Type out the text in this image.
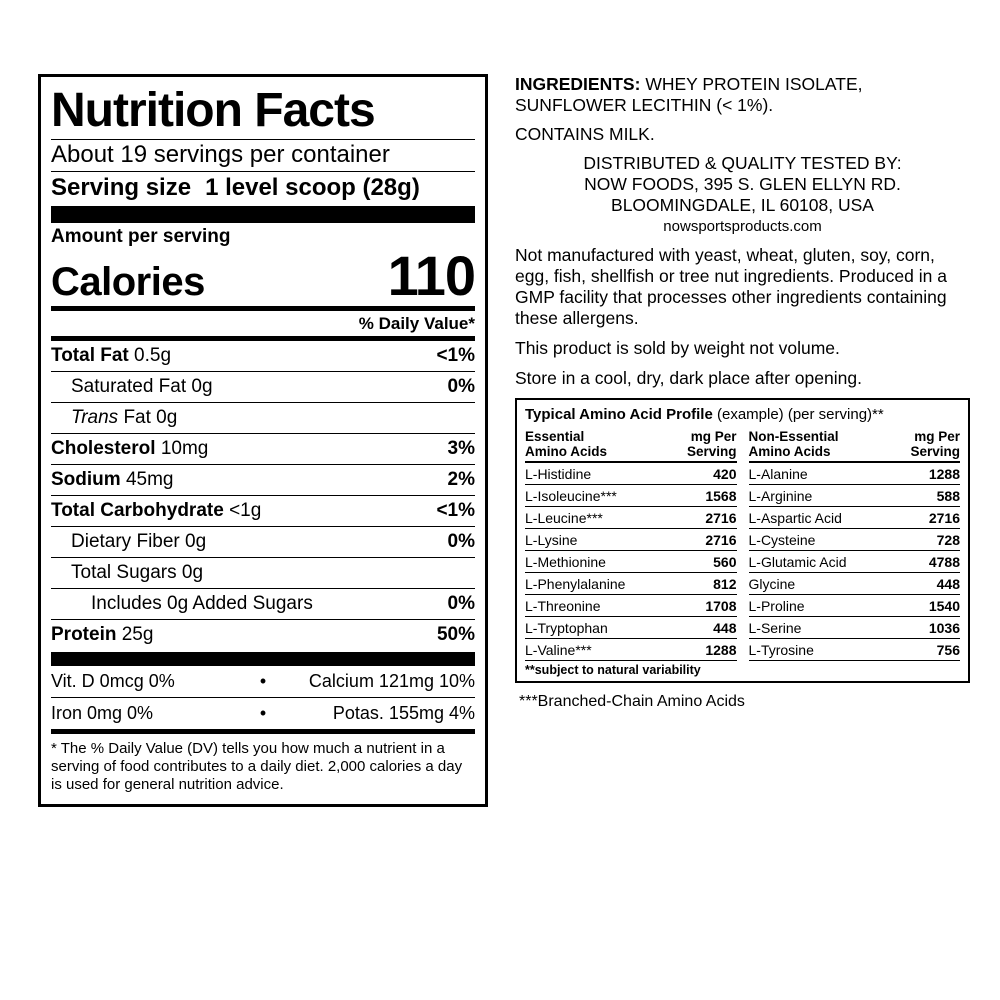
Nutrition Facts
About 19 servings per container
Serving size 1 level scoop (28g)
Amount per serving
Calories	110
% Daily Value*
Total Fat 0.5g	<1%
Saturated Fat 0g	0%
Trans Fat 0g
Cholesterol 10mg	3%
Sodium 45mg	2%
Total Carbohydrate <1g	<1%
Dietary Fiber 0g	0%
Total Sugars 0g
Includes 0g Added Sugars	0%
Protein 25g	50%
Vit. D 0mcg 0%	•	Calcium 121mg 10%
Iron 0mg 0%	•	Potas. 155mg 4%
* The % Daily Value (DV) tells you how much a nutrient in a serving of food contributes to a daily diet. 2,000 calories a day is used for general nutrition advice.
INGREDIENTS: WHEY PROTEIN ISOLATE, SUNFLOWER LECITHIN (< 1%).
CONTAINS MILK.
DISTRIBUTED & QUALITY TESTED BY:
NOW FOODS, 395 S. GLEN ELLYN RD.
BLOOMINGDALE, IL 60108, USA
nowsportsproducts.com
Not manufactured with yeast, wheat, gluten, soy, corn, egg, fish, shellfish or tree nut ingredients. Produced in a GMP facility that processes other ingredients containing these allergens.
This product is sold by weight not volume.
Store in a cool, dry, dark place after opening.
Typical Amino Acid Profile (example) (per serving)**
Essential
Amino Acids
mg Per
Serving
L-Histidine	420
L-Isoleucine***	1568
L-Leucine***	2716
L-Lysine	2716
L-Methionine	560
L-Phenylalanine	812
L-Threonine	1708
L-Tryptophan	448
L-Valine***	1288
**subject to natural variability
Non-Essential
Amino Acids
mg Per
Serving
L-Alanine	1288
L-Arginine	588
L-Aspartic Acid	2716
L-Cysteine	728
L-Glutamic Acid	4788
Glycine	448
L-Proline	1540
L-Serine	1036
L-Tyrosine	756
***Branched-Chain Amino Acids
